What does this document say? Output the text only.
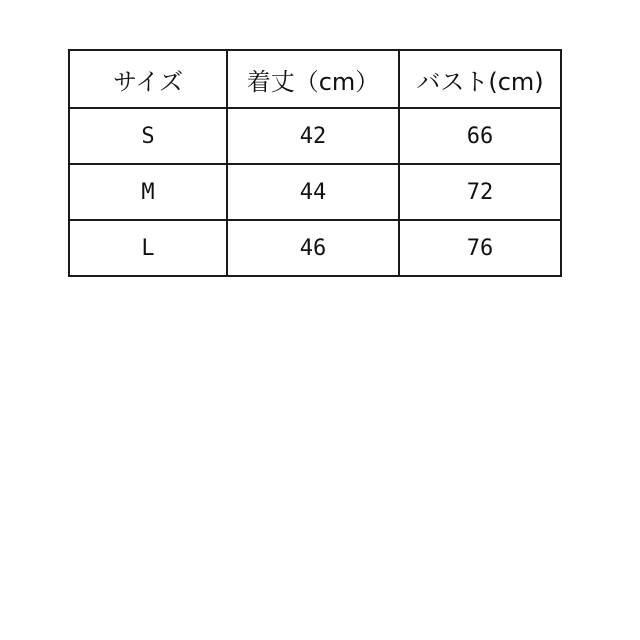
サイズ	着丈（cm）	バスト(cm)
S	42	66
M	44	72
L	46	76
